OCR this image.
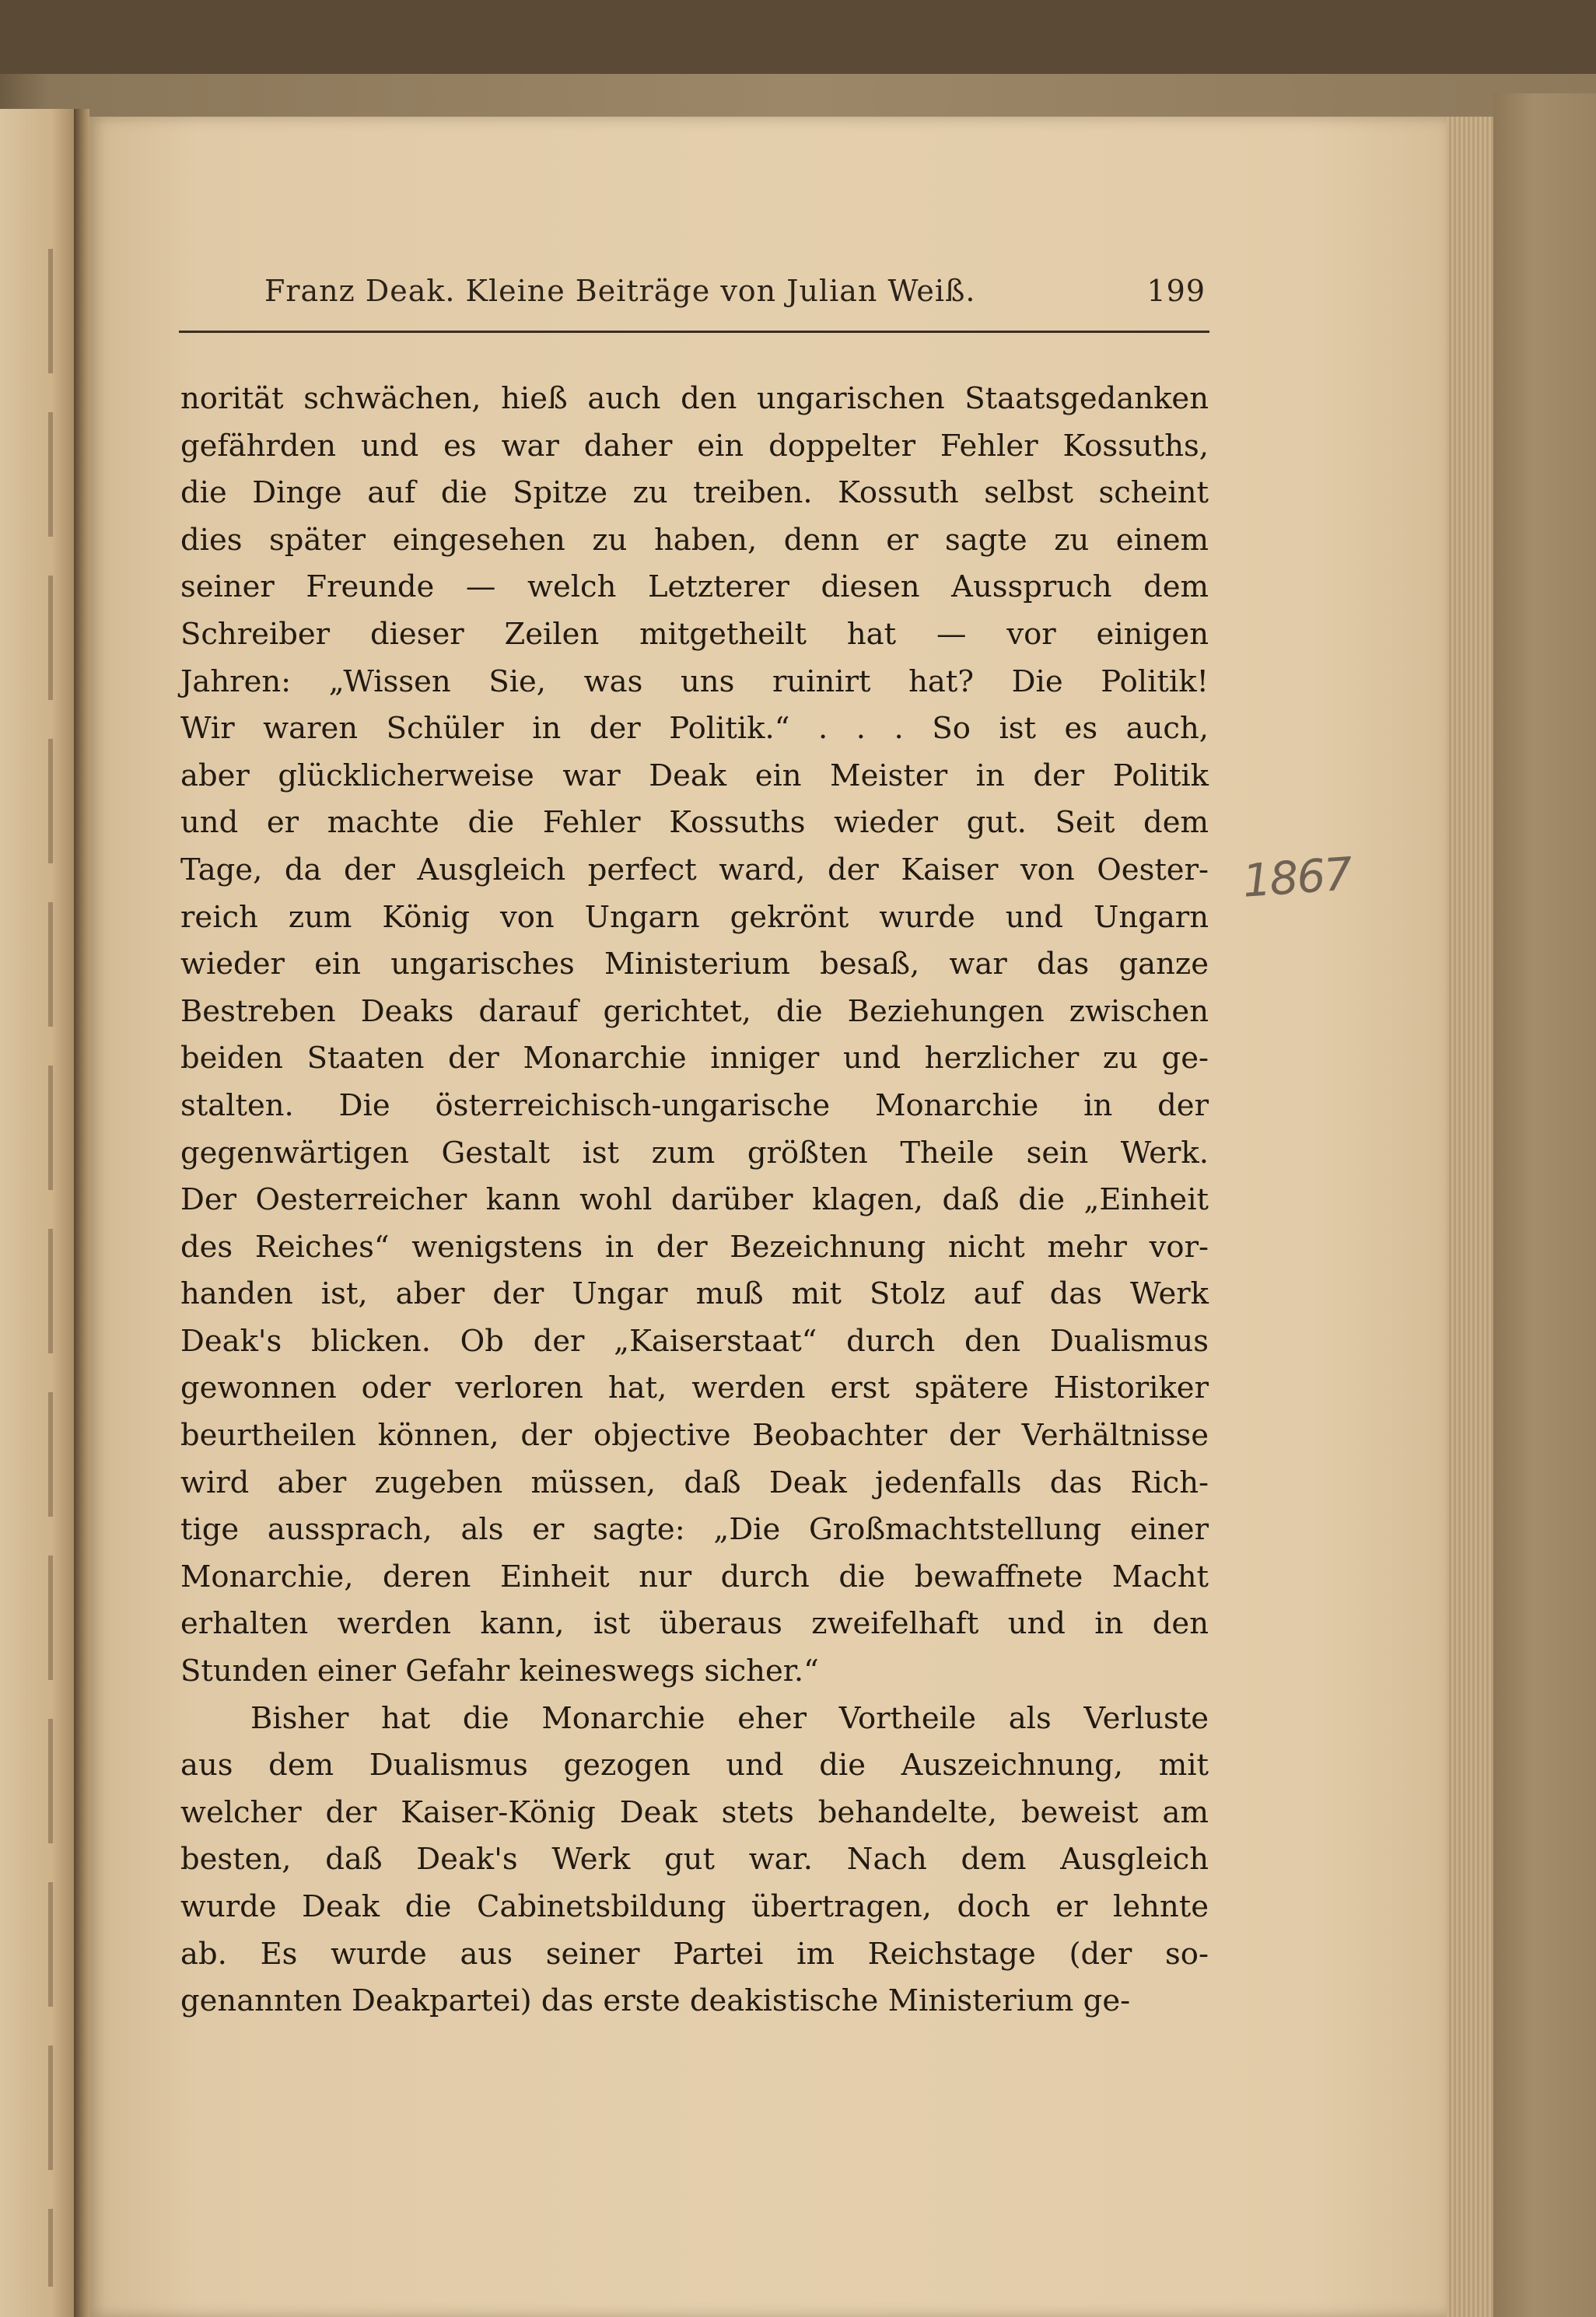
Franz Deak. Kleine Beiträge von Julian Weiß.	199
norität schwächen, hieß auch den ungarischen Staatsgedanken
gefährden und es war daher ein doppelter Fehler Kossuths,
die Dinge auf die Spitze zu treiben. Kossuth selbst scheint
dies später eingesehen zu haben, denn er sagte zu einem
seiner Freunde — welch Letzterer diesen Ausspruch dem
Schreiber dieser Zeilen mitgetheilt hat — vor einigen
Jahren: „Wissen Sie, was uns ruinirt hat? Die Politik!
Wir waren Schüler in der Politik.“ . . . So ist es auch,
aber glücklicherweise war Deak ein Meister in der Politik
und er machte die Fehler Kossuths wieder gut. Seit dem
Tage, da der Ausgleich perfect ward, der Kaiser von Oester-
reich zum König von Ungarn gekrönt wurde und Ungarn
wieder ein ungarisches Ministerium besaß, war das ganze
Bestreben Deaks darauf gerichtet, die Beziehungen zwischen
beiden Staaten der Monarchie inniger und herzlicher zu ge-
stalten. Die österreichisch-ungarische Monarchie in der
gegenwärtigen Gestalt ist zum größten Theile sein Werk.
Der Oesterreicher kann wohl darüber klagen, daß die „Einheit
des Reiches“ wenigstens in der Bezeichnung nicht mehr vor-
handen ist, aber der Ungar muß mit Stolz auf das Werk
Deak's blicken. Ob der „Kaiserstaat“ durch den Dualismus
gewonnen oder verloren hat, werden erst spätere Historiker
beurtheilen können, der objective Beobachter der Verhältnisse
wird aber zugeben müssen, daß Deak jedenfalls das Rich-
tige aussprach, als er sagte: „Die Großmachtstellung einer
Monarchie, deren Einheit nur durch die bewaffnete Macht
erhalten werden kann, ist überaus zweifelhaft und in den
Stunden einer Gefahr keineswegs sicher.“
Bisher hat die Monarchie eher Vortheile als Verluste
aus dem Dualismus gezogen und die Auszeichnung, mit
welcher der Kaiser-König Deak stets behandelte, beweist am
besten, daß Deak's Werk gut war. Nach dem Ausgleich
wurde Deak die Cabinetsbildung übertragen, doch er lehnte
ab. Es wurde aus seiner Partei im Reichstage (der so-
genannten Deakpartei) das erste deakistische Ministerium ge-
1867
